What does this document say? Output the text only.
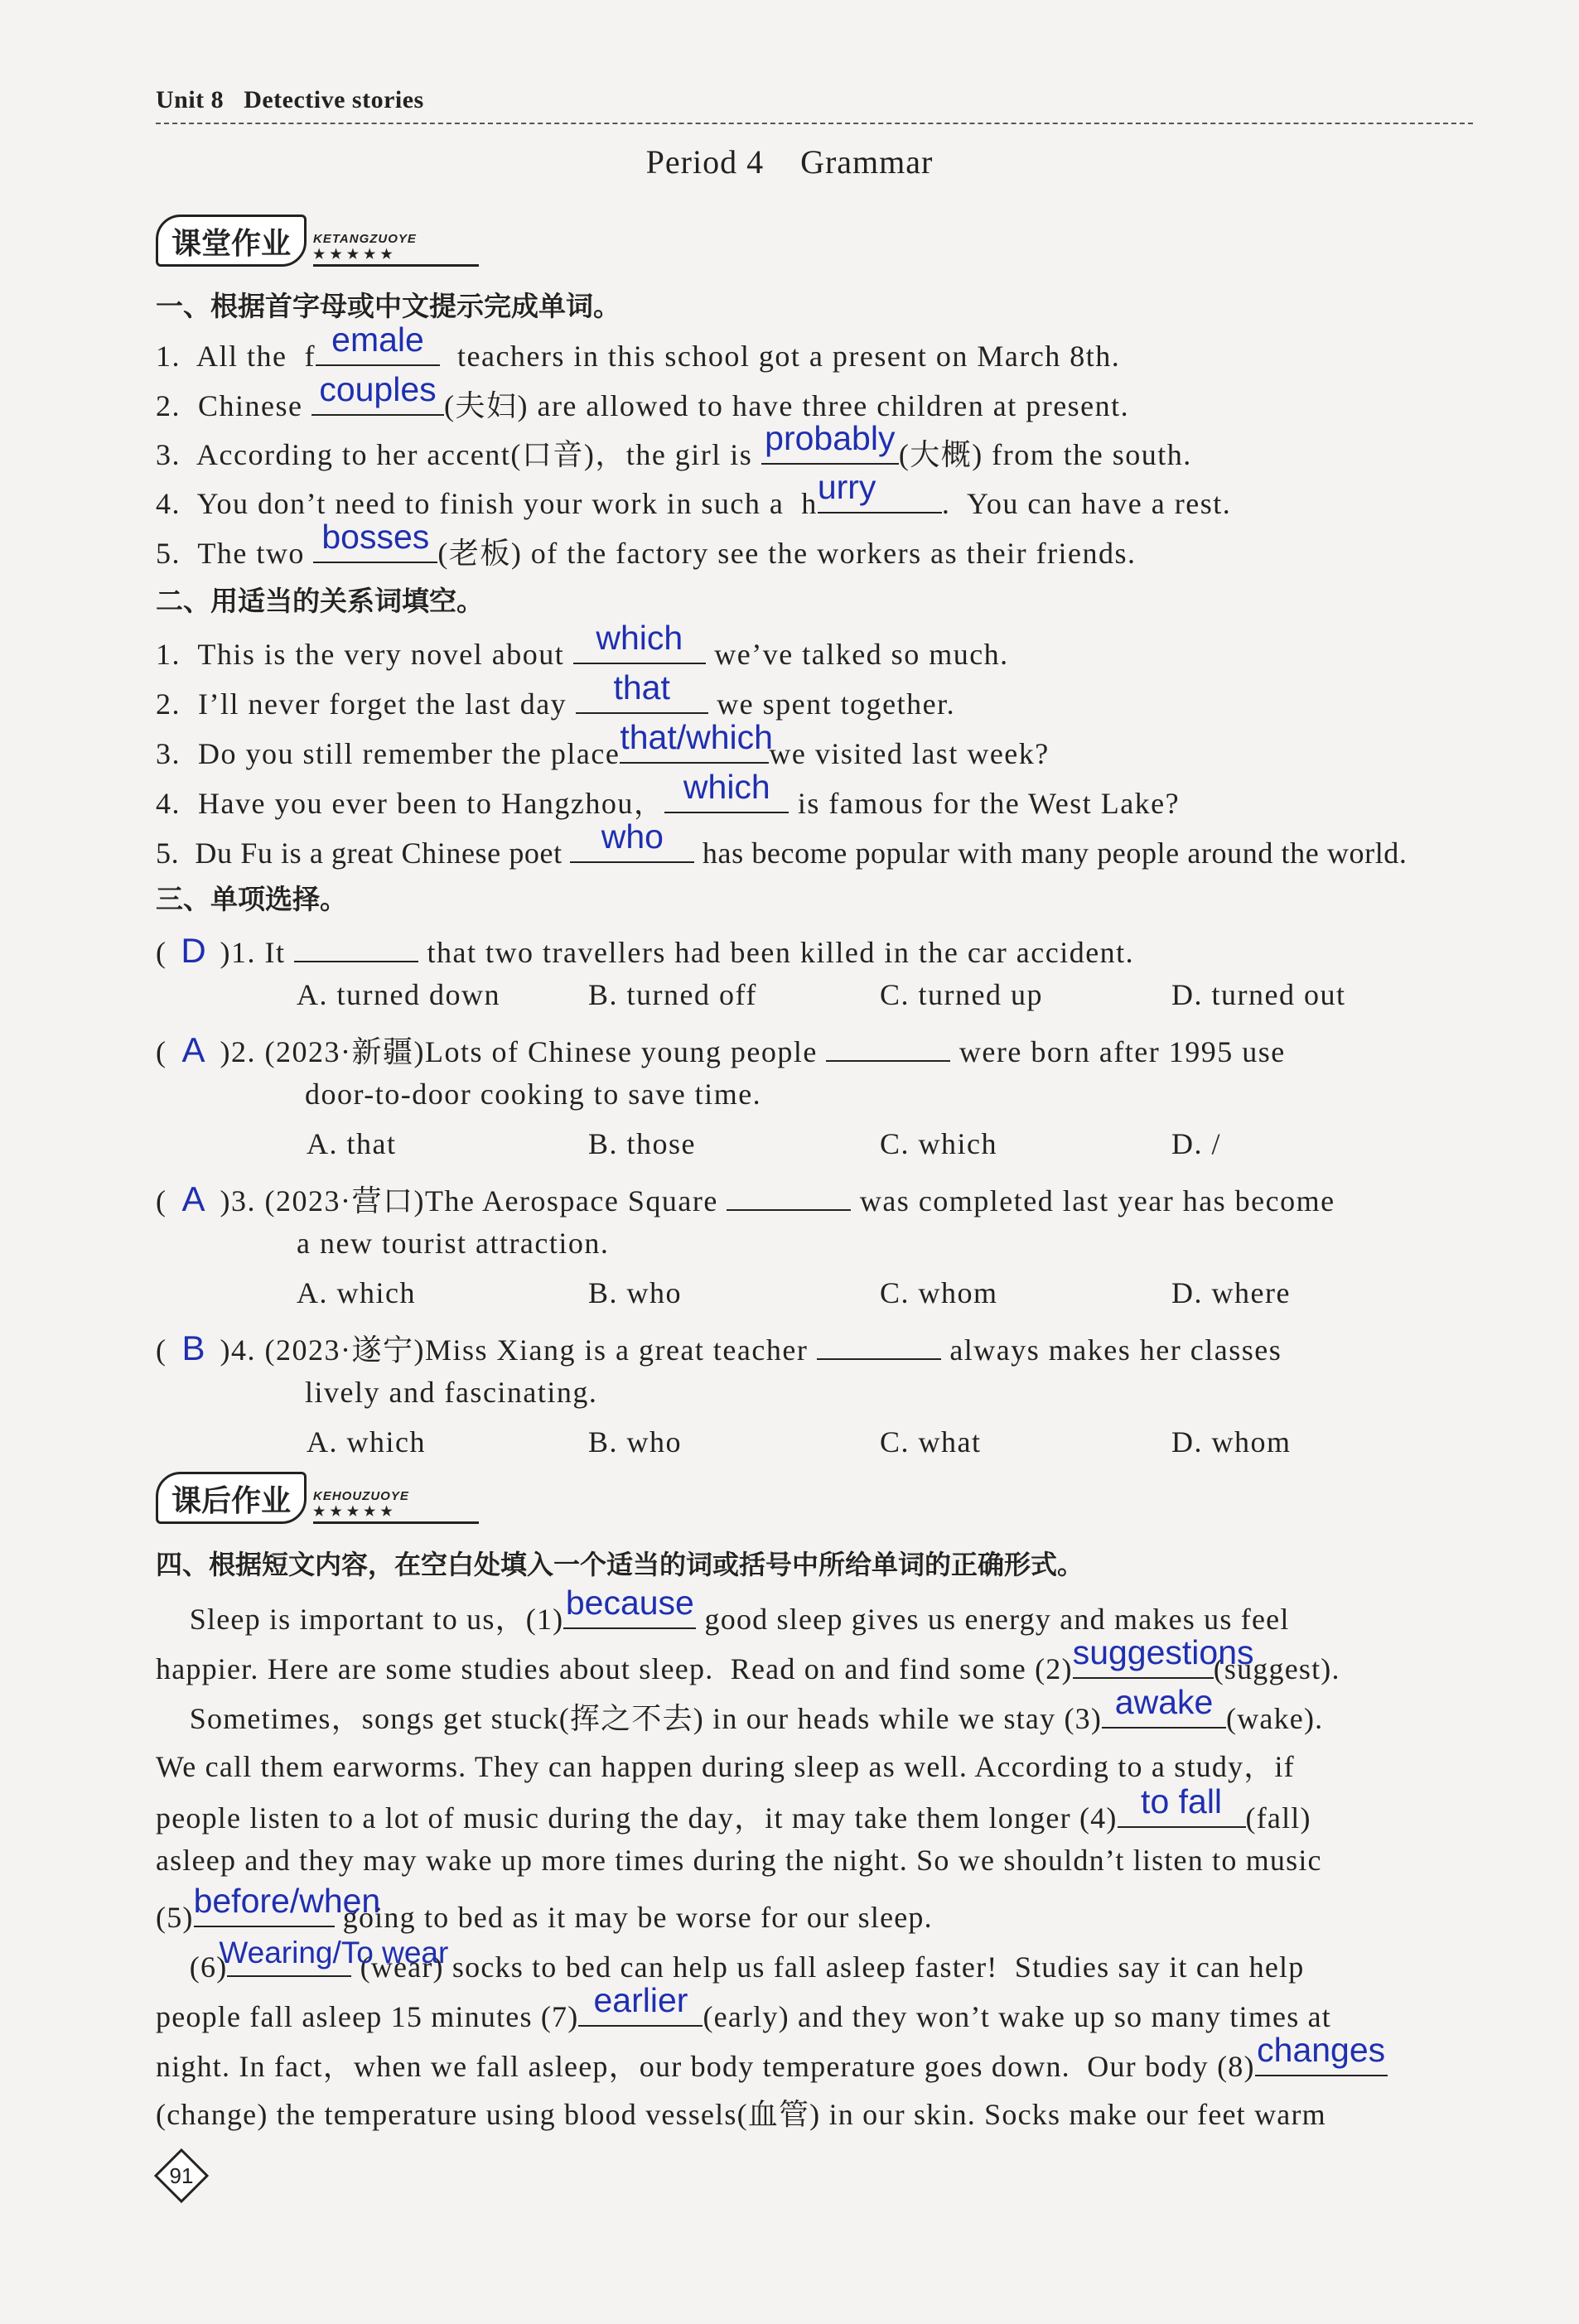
Unit 8 Detective stories
Period 4    Grammar
课堂作业	KETANGZUOYE
★★★★★
一、根据首字母或中文提示完成单词。
1.  All the  f emale teachers in this school got a present on March 8th.
2.  Chinese couples (夫妇) are allowed to have three children at present.
3.  According to her accent(口音)，the girl is probably (大概) from the south.
4.  You don’t need to finish your work in such a  h urry	.  You can have a rest.
5.  The two bosses (老板) of the factory see the workers as their friends.
二、用适当的关系词填空。
1.  This is the very novel about which we’ve talked so much.
2.  I’ll never forget the last day	that	we spent together.
3.  Do you still remember the place that/which
we visited last week?
4.  Have you ever been to Hangzhou， which is famous for the West Lake?
5.  Du Fu is a great Chinese poet who	has become popular with many people around the world.
三、单项选择。
( D )1. It	that two travellers had been killed in the car accident.
A. turned down	B. turned off	C. turned up	D. turned out
( A )2. (2023·新疆)Lots of Chinese young people	were born after 1995 use
door-to-door cooking to save time.
A. that	B. those	C. which	D. /
( A )3. (2023·营口)The Aerospace Square	was completed last year has become
a new tourist attraction.
A. which	B. who	C. whom	D. where
( B )4. (2023·遂宁)Miss Xiang is a great teacher	always makes her classes
lively and fascinating.
A. which	B. who	C. what	D. whom
课后作业	KEHOUZUOYE
★★★★★
四、根据短文内容，在空白处填入一个适当的词或括号中所给单词的正确形式。
Sleep is important to us，(1) because good sleep gives us energy and makes us feel
happier. Here are some studies about sleep.  Read on and find some (2) suggestions
(suggest).
Sometimes，songs get stuck(挥之不去) in our heads while we stay (3) awake (wake).
We call them earworms. They can happen during sleep as well. According to a study，if
people listen to a lot of music during the day，it may take them longer (4) to fall (fall)
asleep and they may wake up more times during the night. So we shouldn’t listen to music
(5) before/when
going to bed as it may be worse for our sleep.
(6)
Wearing/To wear
(wear) socks to bed can help us fall asleep faster!  Studies say it can help
people fall asleep 15 minutes (7) earlier (early) and they won’t wake up so many times at
night. In fact，when we fall asleep，our body temperature goes down.  Our body (8) changes
(change) the temperature using blood vessels(血管) in our skin. Socks make our feet warm
91
